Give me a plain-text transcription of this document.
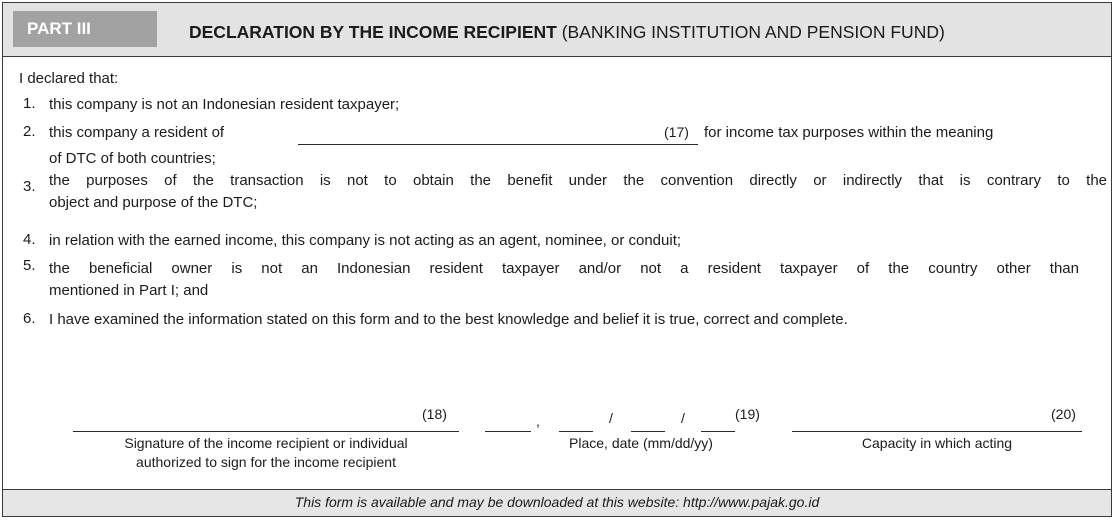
PART III	DECLARATION BY THE INCOME RECIPIENT (BANKING INSTITUTION AND PENSION FUND)
I declared that:
1. this company is not an Indonesian resident taxpayer;
2. this company a resident of	(17) for income tax purposes within the meaning
of DTC of both countries;
3. the purposes of the transaction is not to obtain the benefit under the convention directly or indirectly that is contrary to the
object and purpose of the DTC;
4. in relation with the earned income, this company is not acting as an agent, nominee, or conduit;
5. the beneficial owner is not an Indonesian resident taxpayer and/or not a resident taxpayer of the country other than
mentioned in Part I; and
6. I have examined the information stated on this form and to the best knowledge and belief it is true, correct and complete.
(18)
Signature of the income recipient or individual
authorized to sign for the income recipient
,	/	/	(19)
Place, date (mm/dd/yy)
(20)
Capacity in which acting
This form is available and may be downloaded at this website: http://www.pajak.go.id
